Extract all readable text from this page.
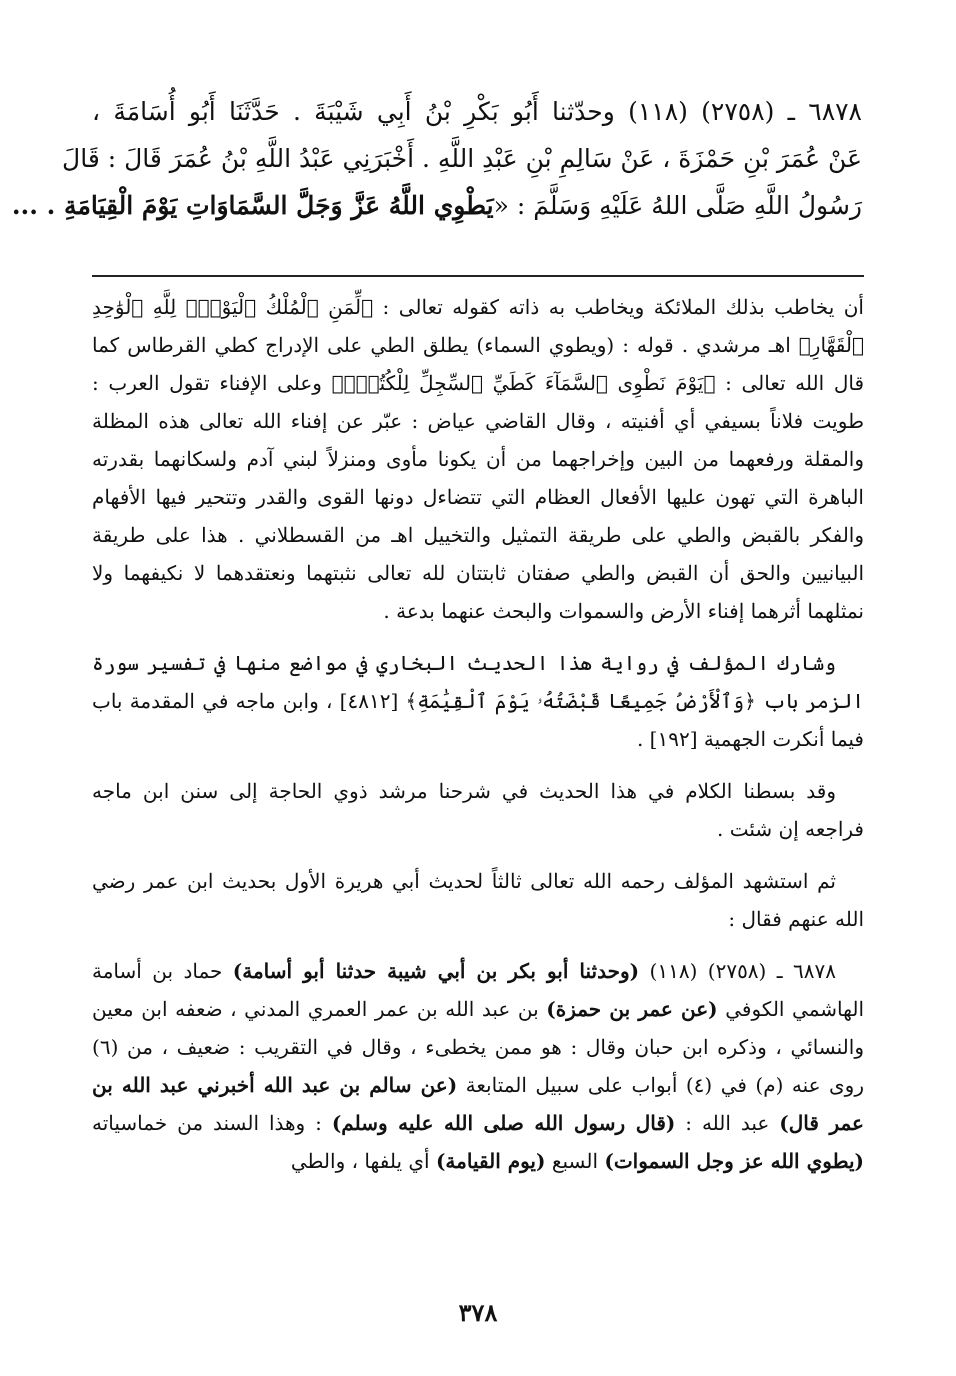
٦٨٧٨ ـ (٢٧٥٨) (١١٨) وحدّثنا أَبُو بَكْرِ بْنُ أَبِي شَيْبَةَ . حَدَّثَنَا أَبُو أُسَامَةَ ،
عَنْ عُمَرَ بْنِ حَمْزَةَ ، عَنْ سَالِمِ بْنِ عَبْدِ اللَّهِ . أَخْبَرَنِي عَبْدُ اللَّهِ بْنُ عُمَرَ قَالَ : قَالَ
رَسُولُ اللَّهِ صَلَّى اللهُ عَلَيْهِ وَسَلَّمَ : «يَطْوِي اللَّهُ عَزَّ وَجَلَّ السَّمَاوَاتِ يَوْمَ الْقِيَامَةِ . ...

أن يخاطب بذلك الملائكة ويخاطب به ذاته كقوله تعالى : ﴿لِّمَنِ ٱلْمُلْكُ ٱلْيَوْمَۖ لِلَّهِ ٱلْوَٰحِدِ ٱلْقَهَّارِ﴾ اهـ مرشدي . قوله : (ويطوي السماء) يطلق الطي على الإدراج كطي القرطاس كما قال الله تعالى : ﴿يَوْمَ نَطْوِى ٱلسَّمَآءَ كَطَيِّ ٱلسِّجِلِّ لِلْكُتُبِۚ﴾ وعلى الإفناء تقول العرب : طويت فلاناً بسيفي أي أفنيته ، وقال القاضي عياض : عبّر عن إفناء الله تعالى هذه المظلة والمقلة ورفعهما من البين وإخراجهما من أن يكونا مأوى ومنزلاً لبني آدم ولسكانهما بقدرته الباهرة التي تهون عليها الأفعال العظام التي تتضاءل دونها القوى والقدر وتتحير فيها الأفهام والفكر بالقبض والطي على طريقة التمثيل والتخييل اهـ من القسطلاني . هذا على طريقة البيانيين والحق أن القبض والطي صفتان ثابتتان لله تعالى نثبتهما ونعتقدهما لا نكيفهما ولا نمثلهما أثرهما إفناء الأرض والسموات والبحث عنهما بدعة .

وشارك المؤلف في رواية هذا الحديث البخاري في مواضع منها في تفسير سورة الزمر باب ﴿وَٱلْأَرْضُ جَمِيعًا قَبْضَتُهُۥ يَوْمَ ٱلْقِيَٰمَةِ﴾ [٤٨١٢] ، وابن ماجه في المقدمة باب فيما أنكرت الجهمية [١٩٢] .

وقد بسطنا الكلام في هذا الحديث في شرحنا مرشد ذوي الحاجة إلى سنن ابن ماجه فراجعه إن شئت .

ثم استشهد المؤلف رحمه الله تعالى ثالثاً لحديث أبي هريرة الأول بحديث ابن عمر رضي الله عنهم فقال :

٦٨٧٨ ـ (٢٧٥٨) (١١٨) (وحدثنا أبو بكر بن أبي شيبة حدثنا أبو أسامة) حماد بن أسامة الهاشمي الكوفي (عن عمر بن حمزة) بن عبد الله بن عمر العمري المدني ، ضعفه ابن معين والنسائي ، وذكره ابن حبان وقال : هو ممن يخطىء ، وقال في التقريب : ضعيف ، من (٦) روى عنه (م) في (٤) أبواب على سبيل المتابعة (عن سالم بن عبد الله أخبرني عبد الله بن عمر قال) عبد الله : (قال رسول الله صلى الله عليه وسلم) : وهذا السند من خماسياته (يطوي الله عز وجل السموات) السبع (يوم القيامة) أي يلفها ، والطي

٣٧٨
